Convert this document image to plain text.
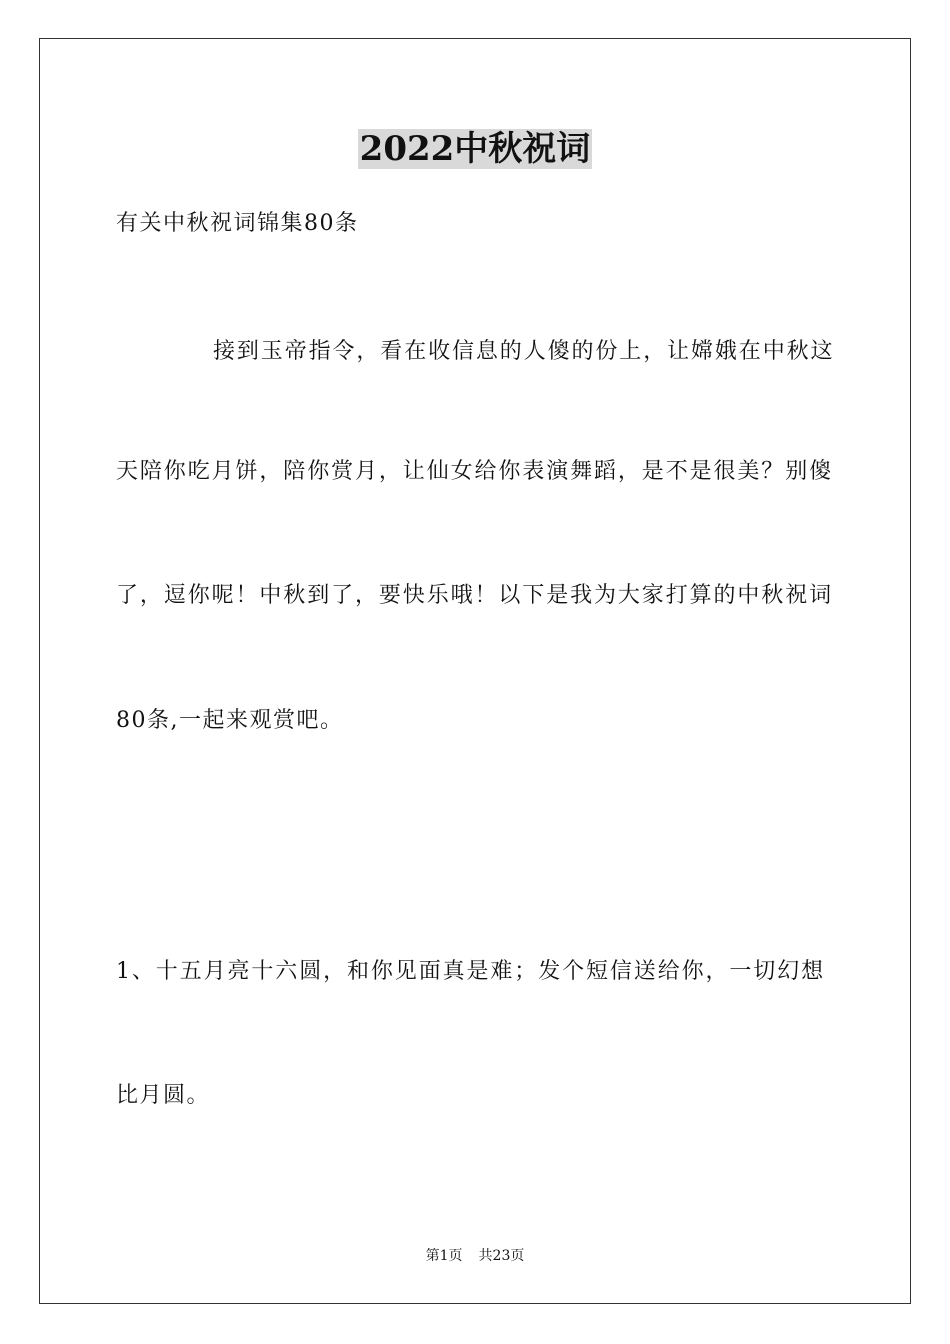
2022中秋祝词
有关中秋祝词锦集80条
接到玉帝指令，看在收信息的人傻的份上，让嫦娥在中秋这
天陪你吃月饼，陪你赏月，让仙女给你表演舞蹈，是不是很美？别傻
了，逗你呢！中秋到了，要快乐哦！以下是我为大家打算的中秋祝词
80条,一起来观赏吧。
1、十五月亮十六圆，和你见面真是难；发个短信送给你，一切幻想
比月圆。
第1页 共23页
